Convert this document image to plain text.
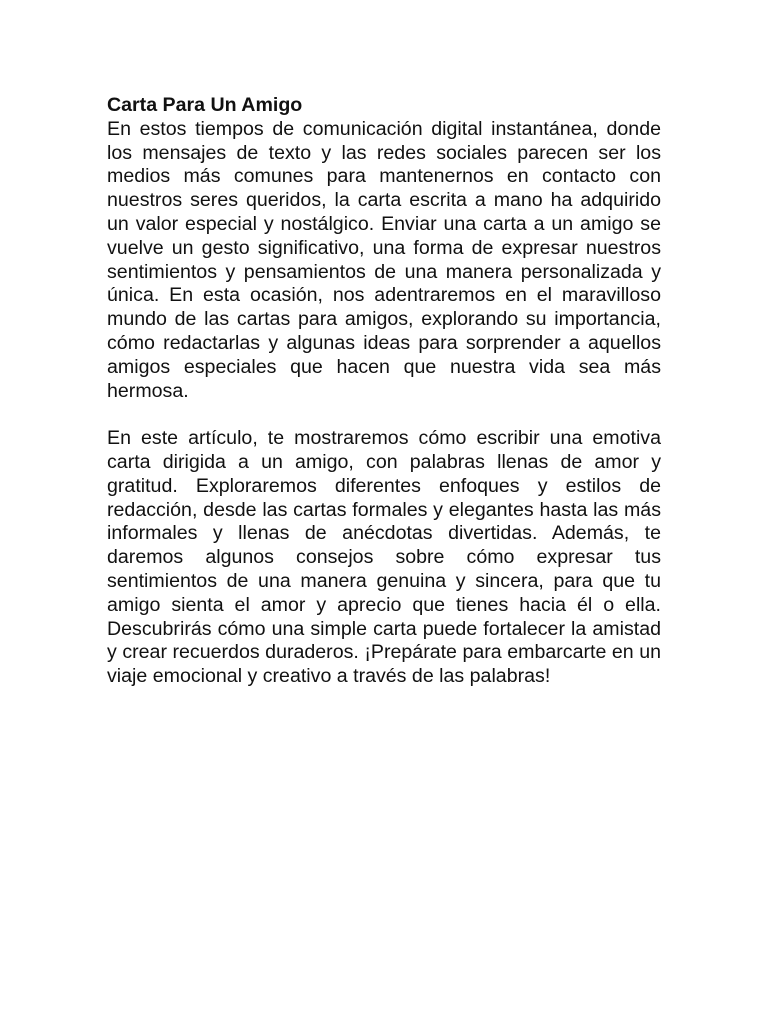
Carta Para Un Amigo

En estos tiempos de comunicación digital instantánea, donde los mensajes de texto y las redes sociales parecen ser los medios más comunes para mantenernos en contacto con nuestros seres queridos, la carta escrita a mano ha adquirido un valor especial y nostálgico. Enviar una carta a un amigo se vuelve un gesto significativo, una forma de expresar nuestros sentimientos y pensamientos de una manera personalizada y única. En esta ocasión, nos adentraremos en el maravilloso mundo de las cartas para amigos, explorando su importancia, cómo redactarlas y algunas ideas para sorprender a aquellos amigos especiales que hacen que nuestra vida sea más hermosa.

En este artículo, te mostraremos cómo escribir una emotiva carta dirigida a un amigo, con palabras llenas de amor y gratitud. Exploraremos diferentes enfoques y estilos de redacción, desde las cartas formales y elegantes hasta las más informales y llenas de anécdotas divertidas. Además, te daremos algunos consejos sobre cómo expresar tus sentimientos de una manera genuina y sincera, para que tu amigo sienta el amor y aprecio que tienes hacia él o ella. Descubrirás cómo una simple carta puede fortalecer la amistad y crear recuerdos duraderos. ¡Prepárate para embarcarte en un viaje emocional y creativo a través de las palabras!
